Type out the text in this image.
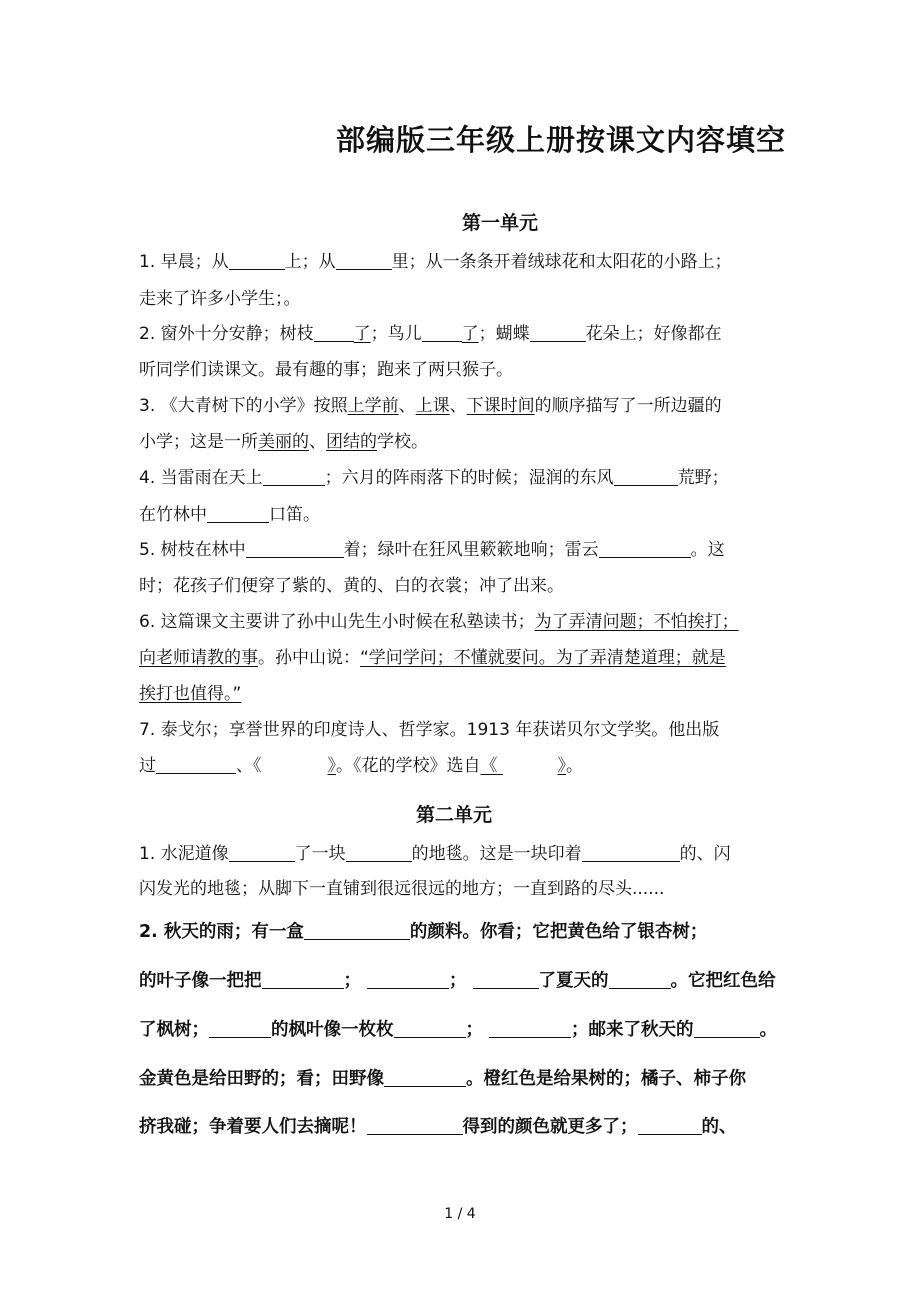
部编版三年级上册按课文内容填空
第一单元
1. 早晨；从	上；从	里；从一条条开着绒球花和太阳花的小路上；
走来了许多小学生；。
2. 窗外十分安静；树枝 了；鸟儿 了；蝴蝶	花朵上；好像都在
听同学们读课文。最有趣的事；跑来了两只猴子。
3. 《大青树下的小学》按照上学前、上课、下课时间的顺序描写了一所边疆的
小学；这是一所美丽的、团结的学校。
4. 当雷雨在天上	；六月的阵雨落下的时候；湿润的东风	荒野；
在竹林中	口笛。
5. 树枝在林中	着；绿叶在狂风里簌簌地响；雷云	。这
时；花孩子们便穿了紫的、黄的、白的衣裳；冲了出来。
6. 这篇课文主要讲了孙中山先生小时候在私塾读书；为了弄清问题；不怕挨打；
向老师请教的事。孙中山说：“学问学问；不懂就要问。为了弄清楚道理；就是
挨打也值得。”
7. 泰戈尔；享誉世界的印度诗人、哲学家。1913 年获诺贝尔文学奖。他出版
过	、《	》。《花的学校》选自《	》。
第二单元
1. 水泥道像	了一块	的地毯。这是一块印着	的、闪
闪发光的地毯；从脚下一直铺到很远很远的地方；一直到路的尽头......
2. 秋天的雨；有一盒	的颜料。你看；它把黄色给了银杏树；
的叶子像一把把	；	；	了夏天的	。它把红色给
了枫树；	的枫叶像一枚枚	；	；邮来了秋天的	。
金黄色是给田野的；看；田野像	。橙红色是给果树的；橘子、柿子你
挤我碰；争着要人们去摘呢！	得到的颜色就更多了；	的、
1 / 4
